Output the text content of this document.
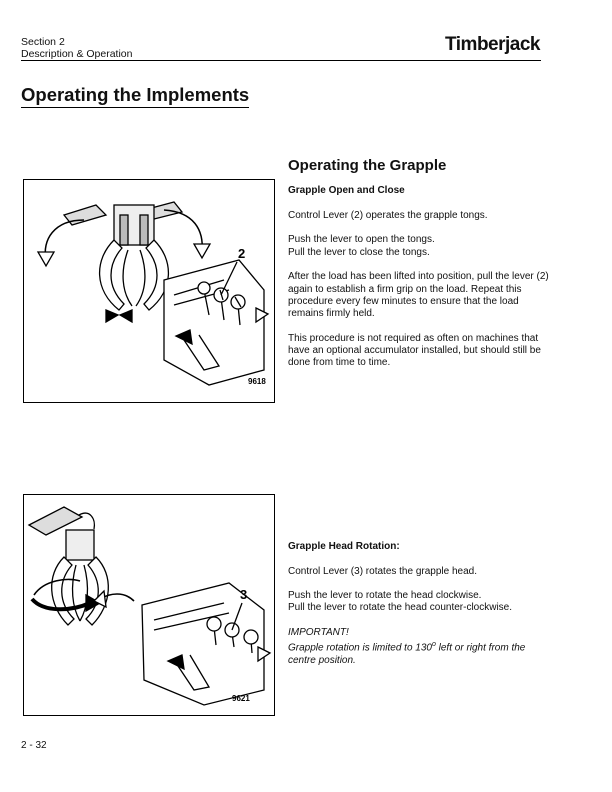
Section 2
Description & Operation	Timberjack
Operating the Implements
2
9618
3
9621
Operating the Grapple

Grapple Open and Close

Control Lever (2) operates the grapple tongs.

Push the lever to open the tongs.
Pull the lever to close the tongs.

After the load has been lifted into position, pull the lever (2) again to establish a firm grip on the load. Repeat this procedure every few minutes to ensure that the load remains firmly held.

This procedure is not required as often on machines that have an optional accumulator installed, but should still be done from time to time.

Grapple Head Rotation:

Control Lever (3) rotates the grapple head.

Push the lever to rotate the head clockwise.
Pull the lever to rotate the head counter-clockwise.

IMPORTANT!
Grapple rotation is limited to 130$^o$ left or right from the centre position.

2 - 32
